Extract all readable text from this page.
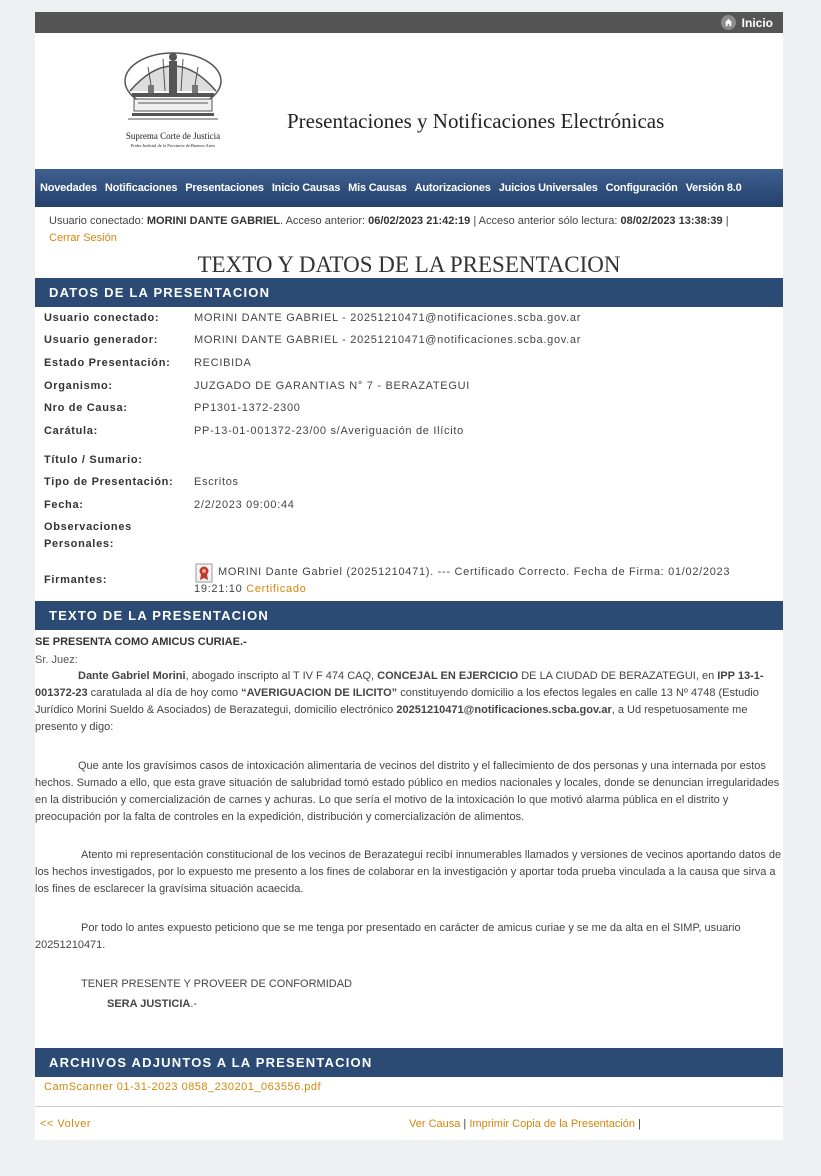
Inicio
Suprema Corte de Justicia
Poder Judicial de la Provincia de Buenos Aires
Presentaciones y Notificaciones Electrónicas
Novedades Notificaciones Presentaciones Inicio Causas Mis Causas Autorizaciones Juicios Universales Configuración Versión 8.0
Usuario conectado: MORINI DANTE GABRIEL. Acceso anterior: 06/02/2023 21:42:19 | Acceso anterior sólo lectura: 08/02/2023 13:38:39 |
Cerrar Sesión
TEXTO Y DATOS DE LA PRESENTACION
DATOS DE LA PRESENTACION
Usuario conectado:	MORINI DANTE GABRIEL - 20251210471@notificaciones.scba.gov.ar
Usuario generador:	MORINI DANTE GABRIEL - 20251210471@notificaciones.scba.gov.ar
Estado Presentación: RECIBIDA
Organismo:	JUZGADO DE GARANTIAS N° 7 - BERAZATEGUI
Nro de Causa:	PP1301-1372-2300
Carátula:	PP-13-01-001372-23/00 s/Averiguación de Ilícito
Título / Sumario:
Tipo de Presentación: Escritos
Fecha:	2/2/2023 09:00:44
Observaciones
Personales:
Firmantes:
MORINI Dante Gabriel (20251210471). --- Certificado Correcto. Fecha de Firma: 01/02/2023
19:21:10 Certificado
TEXTO DE LA PRESENTACION
SE PRESENTA COMO AMICUS CURIAE.-
Sr. Juez:

Dante Gabriel Morini, abogado inscripto al T IV F 474 CAQ, CONCEJAL EN EJERCICIO DE LA CIUDAD DE BERAZATEGUI, en IPP 13-1-001372-23 caratulada al día de hoy como “AVERIGUACION DE ILICITO” constituyendo domicilio a los efectos legales en calle 13 Nº 4748 (Estudio Jurídico Morini Sueldo & Asociados) de Berazategui, domicilio electrónico 20251210471@notificaciones.scba.gov.ar, a Ud respetuosamente me presento y digo:

Que ante los gravísimos casos de intoxicación alimentaria de vecinos del distrito y el fallecimiento de dos personas y una internada por estos hechos. Sumado a ello, que esta grave situación de salubridad tomó estado público en medios nacionales y locales, donde se denuncian irregularidades en la distribución y comercialización de carnes y achuras. Lo que sería el motivo de la intoxicación lo que motivó alarma pública en el distrito y preocupación por la falta de controles en la expedición, distribución y comercialización de alimentos.

Atento mi representación constitucional de los vecinos de Berazategui recibí innumerables llamados y versiones de vecinos aportando datos de los hechos investigados, por lo expuesto me presento a los fines de colaborar en la investigación y aportar toda prueba vinculada a la causa que sirva a los fines de esclarecer la gravísima situación acaecida.

Por todo lo antes expuesto peticiono que se me tenga por presentado en carácter de amicus curiae y se me da alta en el SIMP, usuario 20251210471.

TENER PRESENTE Y PROVEER DE CONFORMIDAD
SERA JUSTICIA.-
ARCHIVOS ADJUNTOS A LA PRESENTACION
CamScanner 01-31-2023 0858_230201_063556.pdf
<< Volver	Ver Causa | Imprimir Copia de la Presentación |
